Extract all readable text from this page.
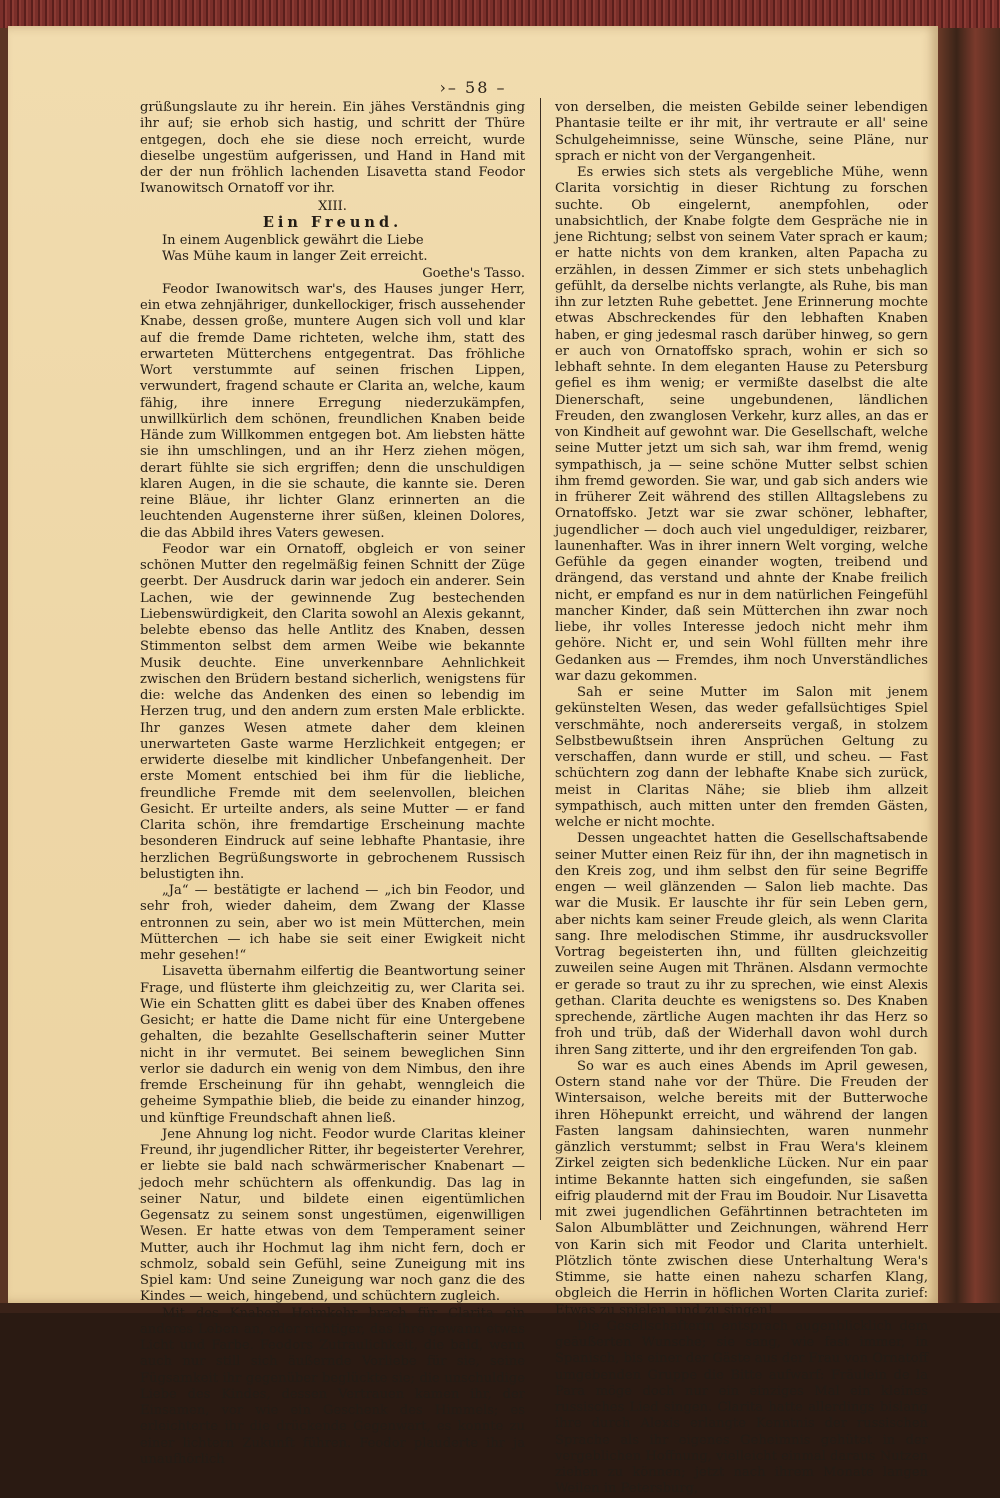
›– 58 –

grüßungslaute zu ihr herein. Ein jähes Verständnis ging ihr auf; sie erhob sich hastig, und schritt der Thüre entgegen, doch ehe sie diese noch erreicht, wurde dieselbe ungestüm aufgerissen, und Hand in Hand mit der der nun fröhlich lachenden Lisavetta stand Feodor Iwanowitsch Ornatoff vor ihr.

XIII.
Ein Freund.

In einem Augenblick gewährt die Liebe

Was Mühe kaum in langer Zeit erreicht.

Goethe's Tasso.

Feodor Iwanowitsch war's, des Hauses junger Herr, ein etwa zehnjähriger, dunkellockiger, frisch aussehender Knabe, dessen große, muntere Augen sich voll und klar auf die fremde Dame richteten, welche ihm, statt des erwarteten Mütterchens entgegentrat. Das fröhliche Wort verstummte auf seinen frischen Lippen, verwundert, fragend schaute er Clarita an, welche, kaum fähig, ihre innere Erregung niederzukämpfen, unwillkürlich dem schönen, freundlichen Knaben beide Hände zum Willkommen entgegen bot. Am liebsten hätte sie ihn umschlingen, und an ihr Herz ziehen mögen, derart fühlte sie sich ergriffen; denn die unschuldigen klaren Augen, in die sie schaute, die kannte sie. Deren reine Bläue, ihr lichter Glanz erinnerten an die leuchtenden Augensterne ihrer süßen, kleinen Dolores, die das Abbild ihres Vaters gewesen.

Feodor war ein Ornatoff, obgleich er von seiner schönen Mutter den regelmäßig feinen Schnitt der Züge geerbt. Der Ausdruck darin war jedoch ein anderer. Sein Lachen, wie der gewinnende Zug bestechenden Liebenswürdigkeit, den Clarita sowohl an Alexis gekannt, belebte ebenso das helle Antlitz des Knaben, dessen Stimmenton selbst dem armen Weibe wie bekannte Musik deuchte. Eine unverkennbare Aehnlichkeit zwischen den Brüdern bestand sicherlich, wenigstens für die: welche das Andenken des einen so lebendig im Herzen trug, und den andern zum ersten Male erblickte. Ihr ganzes Wesen atmete daher dem kleinen unerwarteten Gaste warme Herzlichkeit entgegen; er erwiderte dieselbe mit kindlicher Unbefangenheit. Der erste Moment entschied bei ihm für die liebliche, freundliche Fremde mit dem seelenvollen, bleichen Gesicht. Er urteilte anders, als seine Mutter — er fand Clarita schön, ihre fremdartige Erscheinung machte besonderen Eindruck auf seine lebhafte Phantasie, ihre herzlichen Begrüßungsworte in gebrochenem Russisch belustigten ihn.

„Ja“ — bestätigte er lachend — „ich bin Feodor, und sehr froh, wieder daheim, dem Zwang der Klasse entronnen zu sein, aber wo ist mein Mütterchen, mein Mütterchen — ich habe sie seit einer Ewigkeit nicht mehr gesehen!“

Lisavetta übernahm eilfertig die Beantwortung seiner Frage, und flüsterte ihm gleichzeitig zu, wer Clarita sei. Wie ein Schatten glitt es dabei über des Knaben offenes Gesicht; er hatte die Dame nicht für eine Untergebene gehalten, die bezahlte Gesellschafterin seiner Mutter nicht in ihr vermutet. Bei seinem beweglichen Sinn verlor sie dadurch ein wenig von dem Nimbus, den ihre fremde Erscheinung für ihn gehabt, wenngleich die geheime Sympathie blieb, die beide zu einander hinzog, und künftige Freundschaft ahnen ließ.

Jene Ahnung log nicht. Feodor wurde Claritas kleiner Freund, ihr jugendlicher Ritter, ihr begeisterter Verehrer, er liebte sie bald nach schwärmerischer Knabenart — jedoch mehr schüchtern als offenkundig. Das lag in seiner Natur, und bildete einen eigentümlichen Gegensatz zu seinem sonst ungestümen, eigenwilligen Wesen. Er hatte etwas von dem Temperament seiner Mutter, auch ihr Hochmut lag ihm nicht fern, doch er schmolz, sobald sein Gefühl, seine Zuneigung mit ins Spiel kam: Und seine Zuneigung war noch ganz die des Kindes — weich, hingebend, und schüchtern zugleich.

Mit des Knaben Heimkehr brach für Clarita ein anderes Leben an, oder richtiger, das ihre gewann etwas Licht und Farbe. Feodors Zutraulichkeit, die bald, wenn auch nur still sich äußernde Vorliebe für sie, seine Fügsamkeit ihr gegenüber beglückte sie; die unschuldige Liebe des Kindes, dessen Vertrauen kamen ihr, der Einsamen, vor wie ein Geschenk des Himmels; es erleichterte ihr die drückende Gegenwart, es konnte zu einer lichtern Zukunft führen. Feodor plauderte ihr ja unaufhörlich

von derselben, die meisten Gebilde seiner lebendigen Phantasie teilte er ihr mit, ihr vertraute er all' seine Schulgeheimnisse, seine Wünsche, seine Pläne, nur sprach er nicht von der Vergangenheit.

Es erwies sich stets als vergebliche Mühe, wenn Clarita vorsichtig in dieser Richtung zu forschen suchte. Ob eingelernt, anempfohlen, oder unabsichtlich, der Knabe folgte dem Gespräche nie in jene Richtung; selbst von seinem Vater sprach er kaum; er hatte nichts von dem kranken, alten Papacha zu erzählen, in dessen Zimmer er sich stets unbehaglich gefühlt, da derselbe nichts verlangte, als Ruhe, bis man ihn zur letzten Ruhe gebettet. Jene Erinnerung mochte etwas Abschreckendes für den lebhaften Knaben haben, er ging jedesmal rasch darüber hinweg, so gern er auch von Ornatoffsko sprach, wohin er sich so lebhaft sehnte. In dem eleganten Hause zu Petersburg gefiel es ihm wenig; er vermißte daselbst die alte Dienerschaft, seine ungebundenen, ländlichen Freuden, den zwanglosen Verkehr, kurz alles, an das er von Kindheit auf gewohnt war. Die Gesellschaft, welche seine Mutter jetzt um sich sah, war ihm fremd, wenig sympathisch, ja — seine schöne Mutter selbst schien ihm fremd geworden. Sie war, und gab sich anders wie in früherer Zeit während des stillen Alltagslebens zu Ornatoffsko. Jetzt war sie zwar schöner, lebhafter, jugendlicher — doch auch viel ungeduldiger, reizbarer, launenhafter. Was in ihrer innern Welt vorging, welche Gefühle da gegen einander wogten, treibend und drängend, das verstand und ahnte der Knabe freilich nicht, er empfand es nur in dem natürlichen Feingefühl mancher Kinder, daß sein Mütterchen ihn zwar noch liebe, ihr volles Interesse jedoch nicht mehr ihm gehöre. Nicht er, und sein Wohl füllten mehr ihre Gedanken aus — Fremdes, ihm noch Unverständliches war dazu gekommen.

Sah er seine Mutter im Salon mit jenem gekünstelten Wesen, das weder gefallsüchtiges Spiel verschmähte, noch andererseits vergaß, in stolzem Selbstbewußtsein ihren Ansprüchen Geltung zu verschaffen, dann wurde er still, und scheu. — Fast schüchtern zog dann der lebhafte Knabe sich zurück, meist in Claritas Nähe; sie blieb ihm allzeit sympathisch, auch mitten unter den fremden Gästen, welche er nicht mochte.

Dessen ungeachtet hatten die Gesellschaftsabende seiner Mutter einen Reiz für ihn, der ihn magnetisch in den Kreis zog, und ihm selbst den für seine Begriffe engen — weil glänzenden — Salon lieb machte. Das war die Musik. Er lauschte ihr für sein Leben gern, aber nichts kam seiner Freude gleich, als wenn Clarita sang. Ihre melodischen Stimme, ihr ausdrucksvoller Vortrag begeisterten ihn, und füllten gleichzeitig zuweilen seine Augen mit Thränen. Alsdann vermochte er gerade so traut zu ihr zu sprechen, wie einst Alexis gethan. Clarita deuchte es wenigstens so. Des Knaben sprechende, zärtliche Augen machten ihr das Herz so froh und trüb, daß der Widerhall davon wohl durch ihren Sang zitterte, und ihr den ergreifenden Ton gab.

So war es auch eines Abends im April gewesen, Ostern stand nahe vor der Thüre. Die Freuden der Wintersaison, welche bereits mit der Butterwoche ihren Höhepunkt erreicht, und während der langen Fasten langsam dahinsiechten, waren nunmehr gänzlich verstummt; selbst in Frau Wera's kleinem Zirkel zeigten sich bedenkliche Lücken. Nur ein paar intime Bekannte hatten sich eingefunden, sie saßen eifrig plaudernd mit der Frau im Boudoir. Nur Lisavetta mit zwei jugendlichen Gefährtinnen betrachteten im Salon Albumblätter und Zeichnungen, während Herr von Karin sich mit Feodor und Clarita unterhielt. Plötzlich tönte zwischen diese Unterhaltung Wera's Stimme, sie hatte einen nahezu scharfen Klang, obgleich die Herrin in höflichen Worten Clarita zurief: Etwas zu spielen, und zu singen!

Die Gesellschafterin entsprach augenblicklich dem geäußerten Wunsche; sie sang, wie fast immer, in Spanisch, bis einer der Gäste aus der Frau von Ornatoff umgebenden Gruppe die Bitte aufwarf: Fräulein de la Para möge doch nur ein einziges Mal ein kleines russisches Lied singen. Clarita hatte allerdings bislang ihre durch Alexis erlangte Kenntnis der russischen Sprache als ihr eigenes Geheimnis gehütet in der vergeblichen Hoffnung, vielleicht einmal daraus Nutzen ziehen zu können; jetzt nach ihrem Monate langen Weilen in Petersburg,
